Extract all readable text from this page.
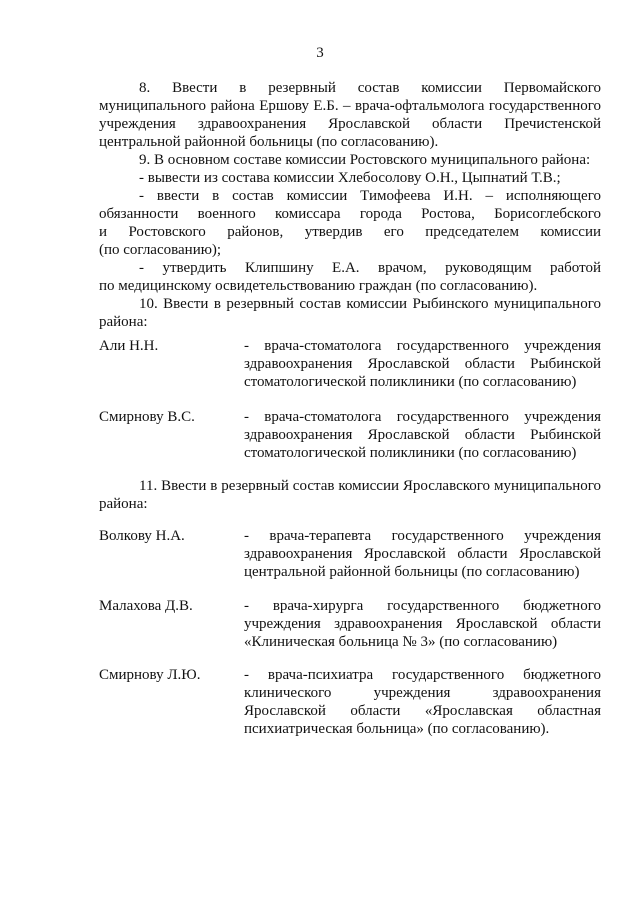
3
8. Ввести в резервный состав комиссии Первомайского
муниципального района Ершову Е.Б. – врача-офтальмолога государственного
учреждения здравоохранения Ярославской области Пречистенской
центральной районной больницы (по согласованию).
9. В основном составе комиссии Ростовского муниципального района:
- вывести из состава комиссии Хлебосолову О.Н., Цыпнатий Т.В.;
- ввести в состав комиссии Тимофеева И.Н. – исполняющего
обязанности военного комиссара города Ростова, Борисоглебского
и Ростовского районов, утвердив его председателем комиссии
(по согласованию);
- утвердить Клипшину Е.А. врачом, руководящим работой
по медицинскому освидетельствованию граждан (по согласованию).
10. Ввести в резервный состав комиссии Рыбинского муниципального
района:
Али Н.Н.	- врача-стоматолога государственного учреждения
здравоохранения Ярославской области Рыбинской
стоматологической поликлиники (по согласованию)
Смирнову В.С.	- врача-стоматолога государственного учреждения
здравоохранения Ярославской области Рыбинской
стоматологической поликлиники (по согласованию)
11. Ввести в резервный состав комиссии Ярославского муниципального
района:
Волкову Н.А.	- врача-терапевта государственного учреждения
здравоохранения Ярославской области Ярославской
центральной районной больницы (по согласованию)
Малахова Д.В.	- врача-хирурга государственного бюджетного
учреждения здравоохранения Ярославской области
«Клиническая больница № 3» (по согласованию)
Смирнову Л.Ю.	- врача-психиатра государственного бюджетного
клинического учреждения здравоохранения
Ярославской области «Ярославская областная
психиатрическая больница» (по согласованию).
